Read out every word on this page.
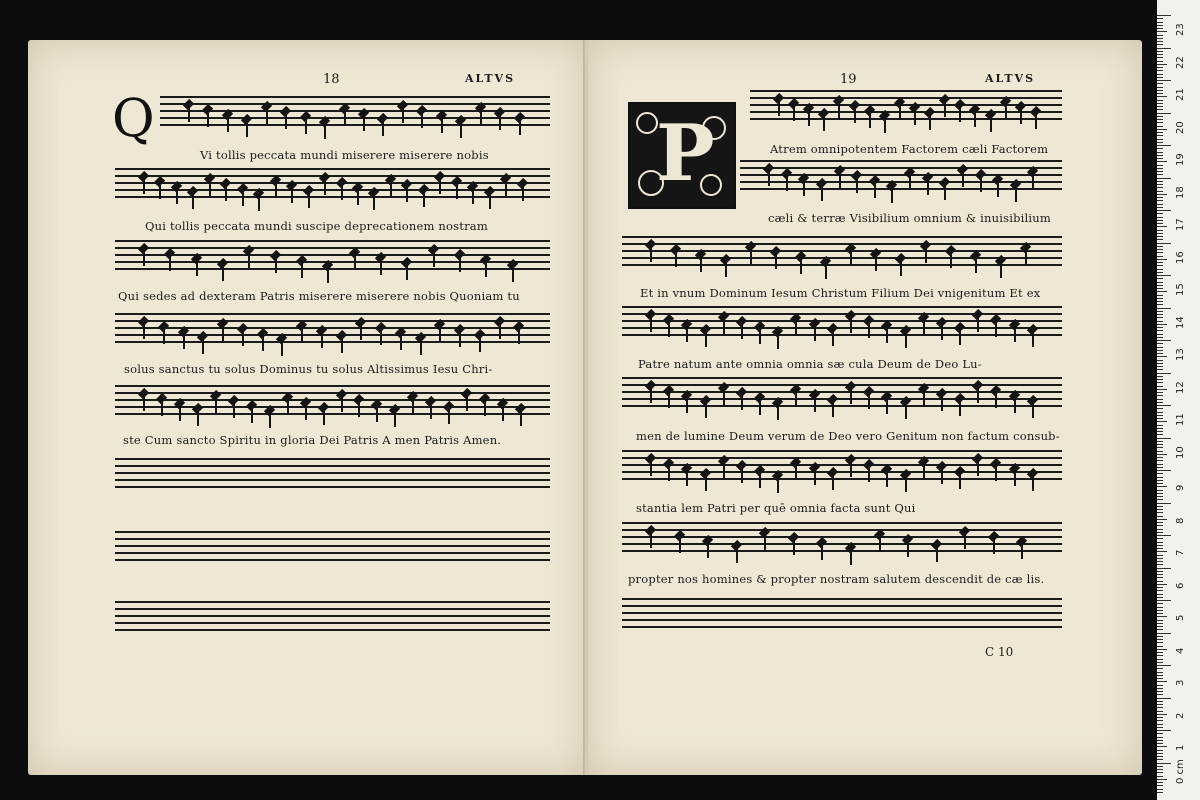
18	ALTVS	19	ALTVS
Q	P
Vi tollis peccata mundi miserere miserere nobis
Qui tollis peccata mundi suscipe deprecationem nostram
Qui sedes ad dexteram Patris miserere miserere nobis Quoniam tu
solus sanctus tu solus Dominus tu solus Altissimus Iesu Chri-
ste Cum sancto Spiritu in gloria Dei Patris A men Patris Amen.
Atrem omnipotentem Factorem cæli Factorem
cæli & terræ Visibilium omnium & inuisibilium
Et in vnum Dominum Iesum Christum Filium Dei vnigenitum Et ex
Patre natum ante omnia omnia sæ cula Deum de Deo Lu-
men de lumine Deum verum de Deo vero Genitum non factum consub-
stantia lem Patri per quē omnia facta sunt Qui
propter nos homines & propter nostram salutem descendit de cæ lis.
C 10
23
22
21
20
19
18
17
16
15
14
13
12
11
10
9
8
7
6
5
4
3
2
1
0 cm
